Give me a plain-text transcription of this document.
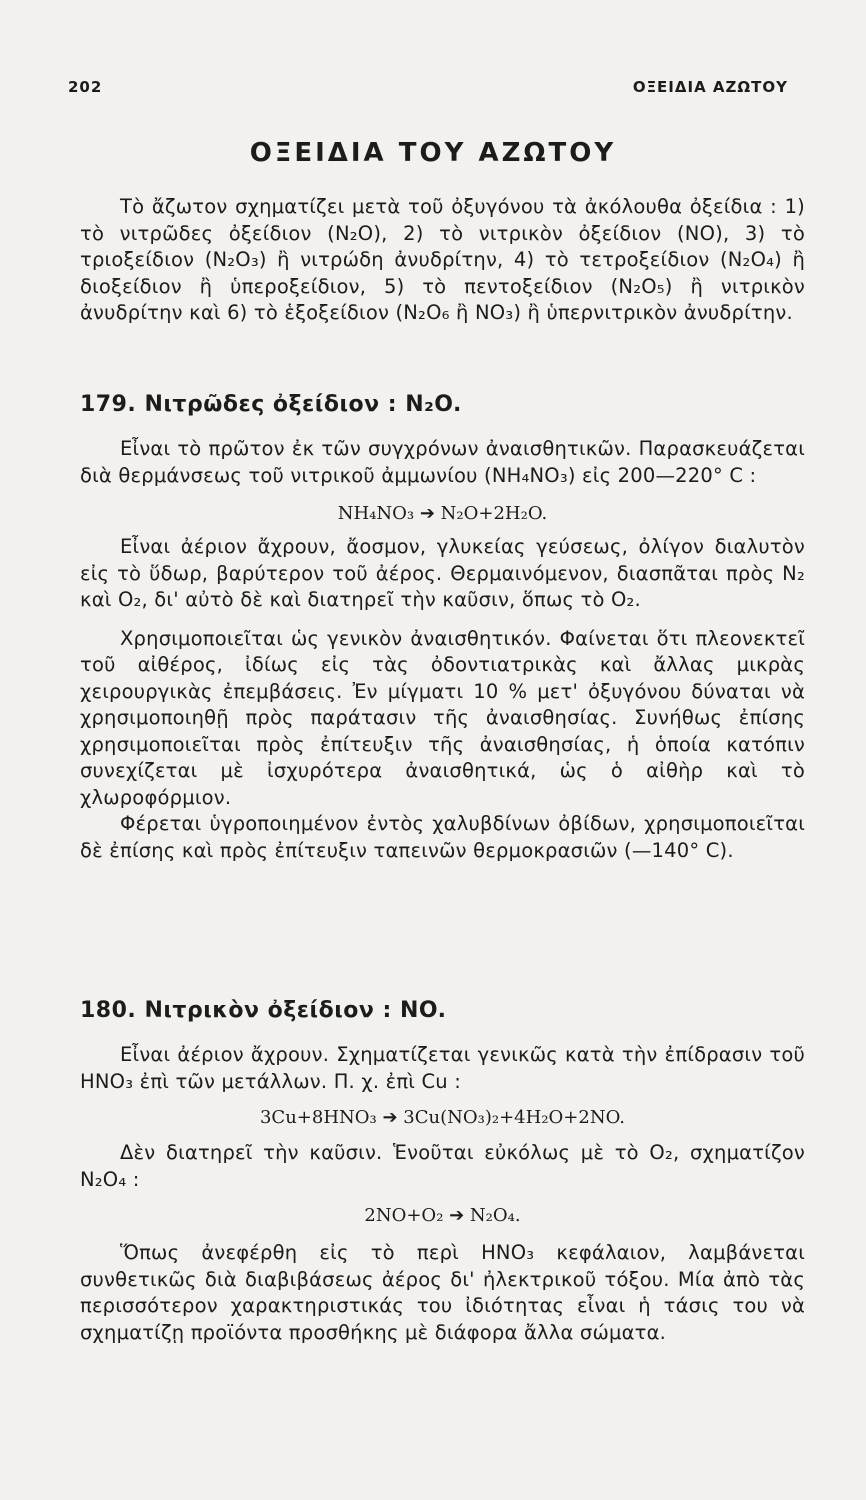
202	ΟΞΕΙΔΙΑ ΑΖΩΤΟΥ
ΟΞΕΙΔΙΑ ΤΟΥ ΑΖΩΤΟΥ

Τὸ ἄζωτον σχηματίζει μετὰ τοῦ ὀξυγόνου τὰ ἀκόλουθα ὀξείδια : 1) τὸ νιτρῶδες ὀξείδιον (N₂O), 2) τὸ νιτρικὸν ὀξείδιον (NO), 3) τὸ τριοξείδιον (N₂O₃) ἢ νιτρώδη ἀνυδρίτην, 4) τὸ τετροξείδιον (N₂O₄) ἢ διοξείδιον ἢ ὑπεροξείδιον, 5) τὸ πεντοξείδιον (N₂O₅) ἢ νιτρικὸν ἀνυδρίτην καὶ 6) τὸ ἑξοξείδιον (N₂O₆ ἢ NO₃) ἢ ὑπερνιτρικὸν ἀνυδρίτην.

179. Νιτρῶδες ὀξείδιον : N₂O.

Εἶναι τὸ πρῶτον ἐκ τῶν συγχρόνων ἀναισθητικῶν. Παρασκευάζεται διὰ θερμάνσεως τοῦ νιτρικοῦ ἀμμωνίου (NH₄NO₃) εἰς 200—220° C :

NH₄NO₃ ➔ N₂O+2H₂O.

Εἶναι ἀέριον ἄχρουν, ἄοσμον, γλυκείας γεύσεως, ὀλίγον διαλυτὸν εἰς τὸ ὕδωρ, βαρύτερον τοῦ ἀέρος. Θερμαινόμενον, διασπᾶται πρὸς N₂ καὶ O₂, δι' αὐτὸ δὲ καὶ διατηρεῖ τὴν καῦσιν, ὅπως τὸ O₂.

Χρησιμοποιεῖται ὡς γενικὸν ἀναισθητικόν. Φαίνεται ὅτι πλεονεκτεῖ τοῦ αἰθέρος, ἰδίως εἰς τὰς ὀδοντιατρικὰς καὶ ἄλλας μικρὰς χειρουργικὰς ἐπεμβάσεις. Ἐν μίγματι 10 % μετ' ὀξυγόνου δύναται νὰ χρησιμοποιηθῇ πρὸς παράτασιν τῆς ἀναισθησίας. Συνήθως ἐπίσης χρησιμοποιεῖται πρὸς ἐπίτευξιν τῆς ἀναισθησίας, ἡ ὁποία κατόπιν συνεχίζεται μὲ ἰσχυρότερα ἀναισθητικά, ὡς ὁ αἰθὴρ καὶ τὸ χλωροφόρμιον.

Φέρεται ὑγροποιημένον ἐντὸς χαλυβδίνων ὀβίδων, χρησιμοποιεῖται δὲ ἐπίσης καὶ πρὸς ἐπίτευξιν ταπεινῶν θερμοκρασιῶν (—140° C).

180. Νιτρικὸν ὀξείδιον : NO.

Εἶναι ἀέριον ἄχρουν. Σχηματίζεται γενικῶς κατὰ τὴν ἐπίδρασιν τοῦ HNO₃ ἐπὶ τῶν μετάλλων. Π. χ. ἐπὶ Cu :

3Cu+8HNO₃ ➔ 3Cu(NO₃)₂+4H₂O+2NO.

Δὲν διατηρεῖ τὴν καῦσιν. Ἑνοῦται εὐκόλως μὲ τὸ O₂, σχηματίζον N₂O₄ :

2NO+O₂ ➔ N₂O₄.

Ὅπως ἀνεφέρθη εἰς τὸ περὶ HNO₃ κεφάλαιον, λαμβάνεται συνθετικῶς διὰ διαβιβάσεως ἀέρος δι' ἠλεκτρικοῦ τόξου. Μία ἀπὸ τὰς περισσότερον χαρακτηριστικάς του ἰδιότητας εἶναι ἡ τάσις του νὰ σχηματίζῃ προϊόντα προσθήκης μὲ διάφορα ἄλλα σώματα.
